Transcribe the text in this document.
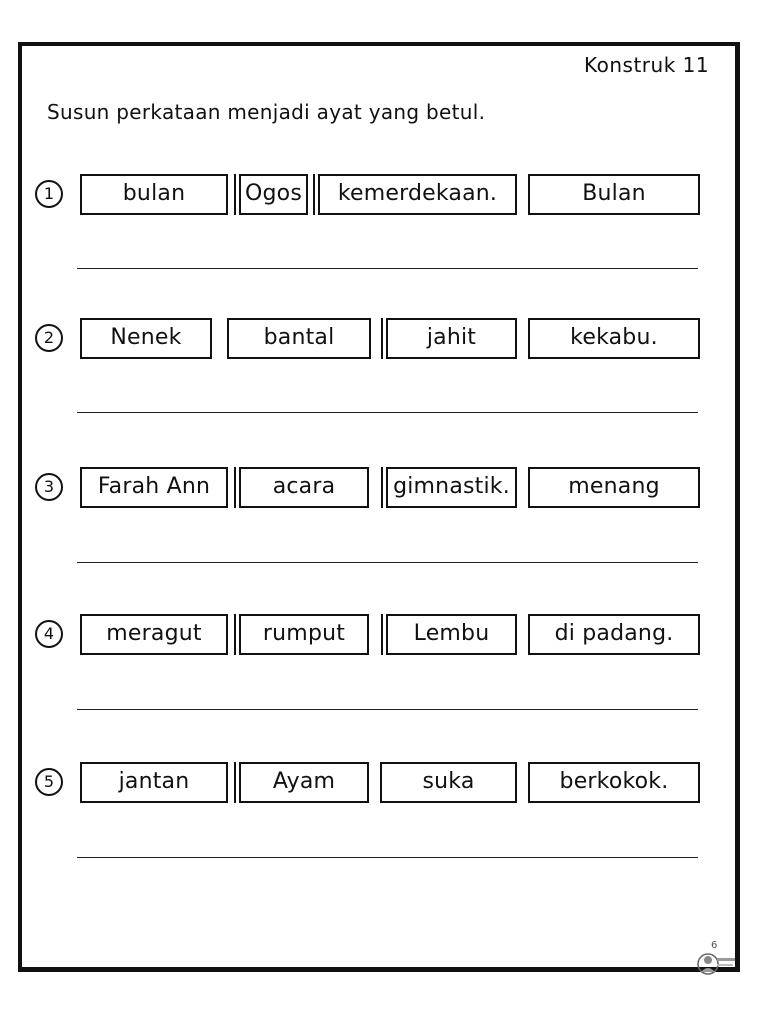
Konstruk 11
Susun perkataan menjadi ayat yang betul.
1	bulan	Ogos	kemerdekaan.	Bulan
2	Nenek	bantal	jahit	kekabu.
3	Farah Ann	acara	gimnastik.	menang
4	meragut	rumput	Lembu	di padang.
5	jantan	Ayam	suka	berkokok.
6
